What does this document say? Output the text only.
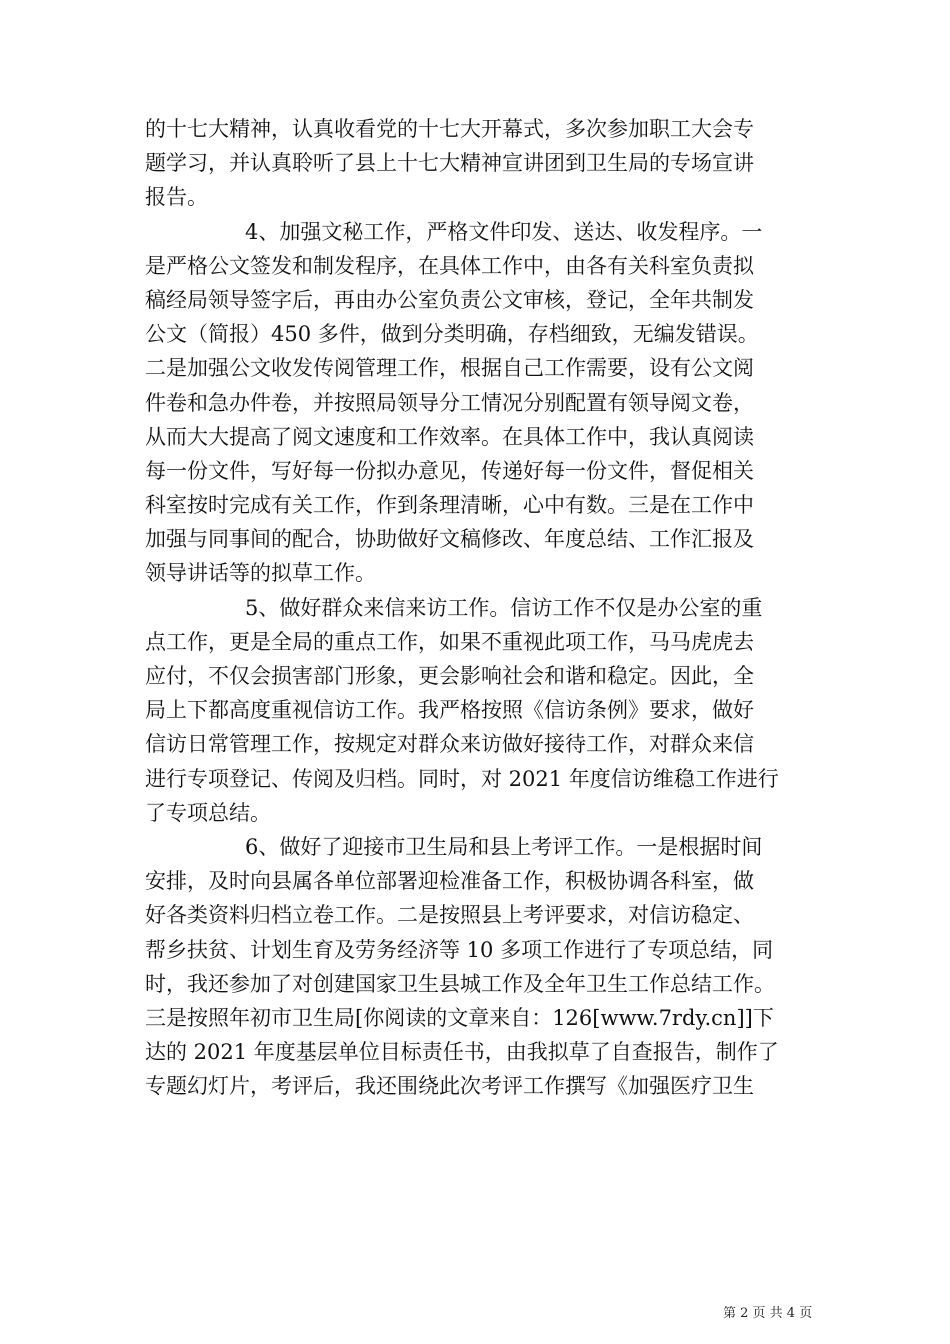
的十七大精神，认真收看党的十七大开幕式，多次参加职工大会专
题学习，并认真聆听了县上十七大精神宣讲团到卫生局的专场宣讲
报告。
4、加强文秘工作，严格文件印发、送达、收发程序。一
是严格公文签发和制发程序，在具体工作中，由各有关科室负责拟
稿经局领导签字后，再由办公室负责公文审核，登记，全年共制发
公文（简报）450 多件，做到分类明确，存档细致，无编发错误。
二是加强公文收发传阅管理工作，根据自己工作需要，设有公文阅
件卷和急办件卷，并按照局领导分工情况分别配置有领导阅文卷，
从而大大提高了阅文速度和工作效率。在具体工作中，我认真阅读
每一份文件，写好每一份拟办意见，传递好每一份文件，督促相关
科室按时完成有关工作，作到条理清晰，心中有数。三是在工作中
加强与同事间的配合，协助做好文稿修改、年度总结、工作汇报及
领导讲话等的拟草工作。
5、做好群众来信来访工作。信访工作不仅是办公室的重
点工作，更是全局的重点工作，如果不重视此项工作，马马虎虎去
应付，不仅会损害部门形象，更会影响社会和谐和稳定。因此，全
局上下都高度重视信访工作。我严格按照《信访条例》要求，做好
信访日常管理工作，按规定对群众来访做好接待工作，对群众来信
进行专项登记、传阅及归档。同时，对 2021 年度信访维稳工作进行
了专项总结。
6、做好了迎接市卫生局和县上考评工作。一是根据时间
安排，及时向县属各单位部署迎检准备工作，积极协调各科室，做
好各类资料归档立卷工作。二是按照县上考评要求，对信访稳定、
帮乡扶贫、计划生育及劳务经济等 10 多项工作进行了专项总结，同
时，我还参加了对创建国家卫生县城工作及全年卫生工作总结工作。
三是按照年初市卫生局[你阅读的文章来自：126[www.7rdy.cn]]下
达的 2021 年度基层单位目标责任书，由我拟草了自查报告，制作了
专题幻灯片，考评后，我还围绕此次考评工作撰写《加强医疗卫生
第 2 页 共 4 页
